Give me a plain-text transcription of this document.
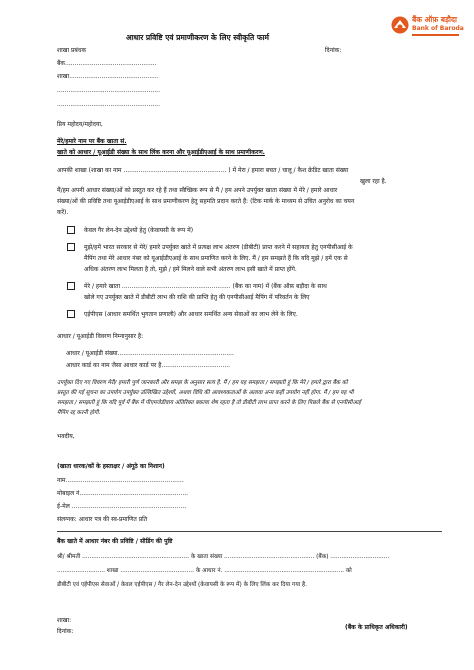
बैंक ऑफ़ बड़ौदा
Bank of Baroda
आधार प्रविष्टि एवं प्रमाणीकरण के लिए स्वीकृति फार्म
शाखा प्रबंधक	दिनांक:
बैंक................................................
शाखा...............................................
......................................................
......................................................
प्रिय महोदय/महोदया,
मेरे/हमारे नाम पर बैंक खाता सं.
खाते को आधार / यूआईडी संख्या के साथ लिंक करना और यूआईडीएआई के साथ प्रमाणीकरण.
आपकी शाखा (शाखा का नाम ...................................................... ) में मेरा / हमारा बचत / चालू / कैश क्रेडिट खाता संख्या
खुला रहा है.
मैं/हम अपनी आधार संख्या/ओं को प्रस्तुत कर रहे हैं तथा स्वैच्छिक रूप से मैं / हम अपने उपर्युक्त खाता संख्या में मेरे / हमारे आधार
संख्या/ओं की प्रविष्टि तथा यूआईडीएआई के साथ प्रमाणीकरण हेतु सहमति प्रदान करते हैं: (टिक मार्क के माध्यम से उचित अनुरोध का चयन
करें).
केवल गैर लेन-देन उद्देश्यों हेतु (केवायसी के रूप में)
मुझे/हमें भारत सरकार से मेरे/ हमारे उपर्युक्त खाते में प्रत्यक्ष लाभ अंतरण (डीबीटी) प्राप्त करने में सहायता हेतु एनपीसीआई के
मैपिंग तथा मेरे आधार नंबर को यूआईडीएआई के साथ प्रमाणित करने के लिए. मैं / हम समझते हैं कि यदि मुझे / हमें एक से
अधिक अंतरण लाभ मिलता है तो, मुझे / हमें मिलने वाले सभी अंतरण लाभ इसी खाते में प्राप्त होंगे.
मेरे / हमारे खाता ......................................................... (बैंक का नाम) में (बैंक ऑफ़ बड़ौदा के साथ
खोले गए उपर्युक्त खाते में डीबीटी लाभ की राशि की प्राप्ति हेतु की एनपीसीआई मैपिंग में परिवर्तन के लिए
एईपीएस (आधार समर्थित भुगतान प्रणाली) और आधार समर्थित अन्य सेवाओं का लाभ लेने के लिए.
आधार / यूआईडी विवरण निम्नानुसार है:
आधार / यूआईडी संख्या.............................................................
आधार कार्ड का नाम जैसा आधार कार्ड पर है....................................
उपर्युक्त दिए गए विवरण मेरी/ हमारी पूर्ण जानकारी और समझ के अनुसार सत्य है. मैं / हम यह समझता / समझती हूं कि मेरे / हमारे द्वारा बैंक को
प्रस्तुत की गई सूचना का उपयोग उपर्युक्त उल्लिखित उद्देश्यों, अथवा विधि की आवश्यकताओं के अलावा अन्य कहीं उपयोग नहीं होगा. मैं / हम यह भी
समझता / समझती हूं कि यदि पूर्व में बैंक में पीएमजेडीवाय अंतिरिक्त बकाया शेष रहता है तो डीबीटी लाभ प्राप्त करने के लिए पिछले बैंक से एनपीसीआई
मैपिंग रद्द करनी होगी.
भवदीय,
(खाता धारक/कों के हस्ताक्षर / अंगूठे का निशान)
नाम..............................................................
मोबाइल नं.........................................................
ई-मेल ............................................................
संलग्नक: आधार पत्र की स्व-प्रमाणित प्रति
बैंक खाते में आधार नंबर की प्रविष्टि / सीडिंग की पुष्टि
श्री/ श्रीमती .......................................................... के खाता संख्या ................................................. (बैंक) ................................
.......................... शाखा ........................................ के आधार नं. ................................................................. को
डीबीटी एवं एईपीएस सेवाओं / केवल एईपीएस / गैर लेन-देन उद्देश्यों (केवायसी के रूप में) के लिए लिंक कर दिया गया है.
शाखा:
दिनांक:
(बैंक के प्राधिकृत अधिकारी)
